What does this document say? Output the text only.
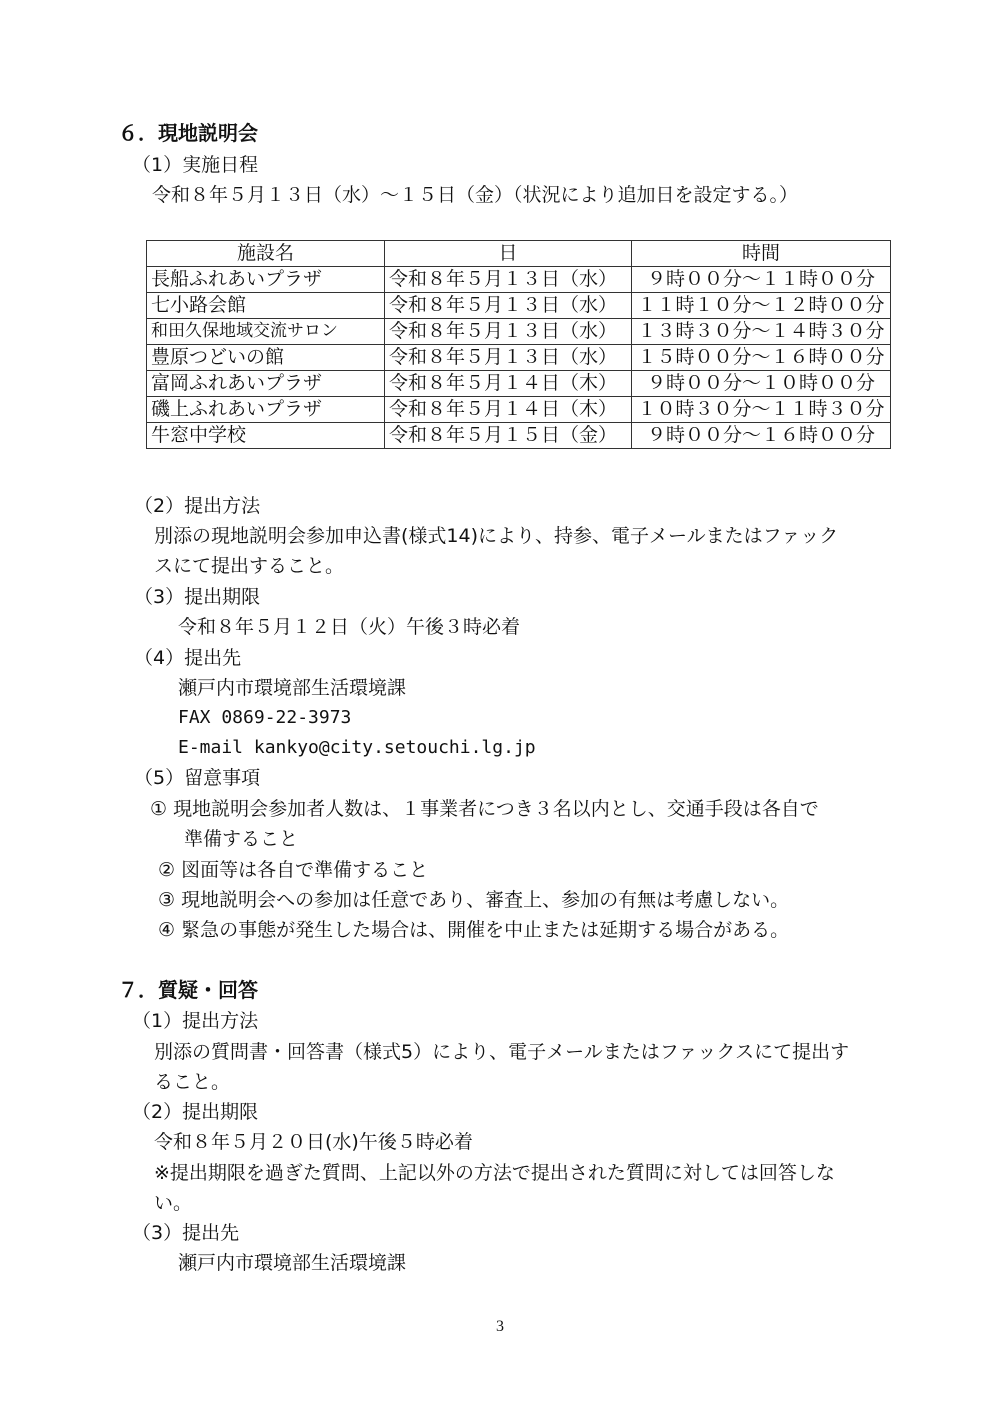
６．現地説明会
（1）実施日程
令和８年５月１３日（水）～１５日（金）（状況により追加日を設定する。）
施設名	日	時間
長船ふれあいプラザ	令和８年５月１３日（水）	９時００分～１１時００分
七小路会館	令和８年５月１３日（水）	１１時１０分～１２時００分
和田久保地域交流サロン	令和８年５月１３日（水）	１３時３０分～１４時３０分
豊原つどいの館	令和８年５月１３日（水）	１５時００分～１６時００分
富岡ふれあいプラザ	令和８年５月１４日（木）	９時００分～１０時００分
磯上ふれあいプラザ	令和８年５月１４日（木）	１０時３０分～１１時３０分
牛窓中学校	令和８年５月１５日（金）	９時００分～１６時００分
（2）提出方法
別添の現地説明会参加申込書(様式14)により、持参、電子メールまたはファック
スにて提出すること。
（3）提出期限
令和８年５月１２日（火）午後３時必着
（4）提出先
瀬戸内市環境部生活環境課
FAX 0869-22-3973
E-mail kankyo@city.setouchi.lg.jp
（5）留意事項
① 現地説明会参加者人数は、１事業者につき３名以内とし、交通手段は各自で
準備すること
② 図面等は各自で準備すること
③ 現地説明会への参加は任意であり、審査上、参加の有無は考慮しない。
④ 緊急の事態が発生した場合は、開催を中止または延期する場合がある。
７．質疑・回答
（1）提出方法
別添の質問書・回答書（様式5）により、電子メールまたはファックスにて提出す
ること。
（2）提出期限
令和８年５月２０日(水)午後５時必着
※提出期限を過ぎた質問、上記以外の方法で提出された質問に対しては回答しな
い。
（3）提出先
瀬戸内市環境部生活環境課
3
